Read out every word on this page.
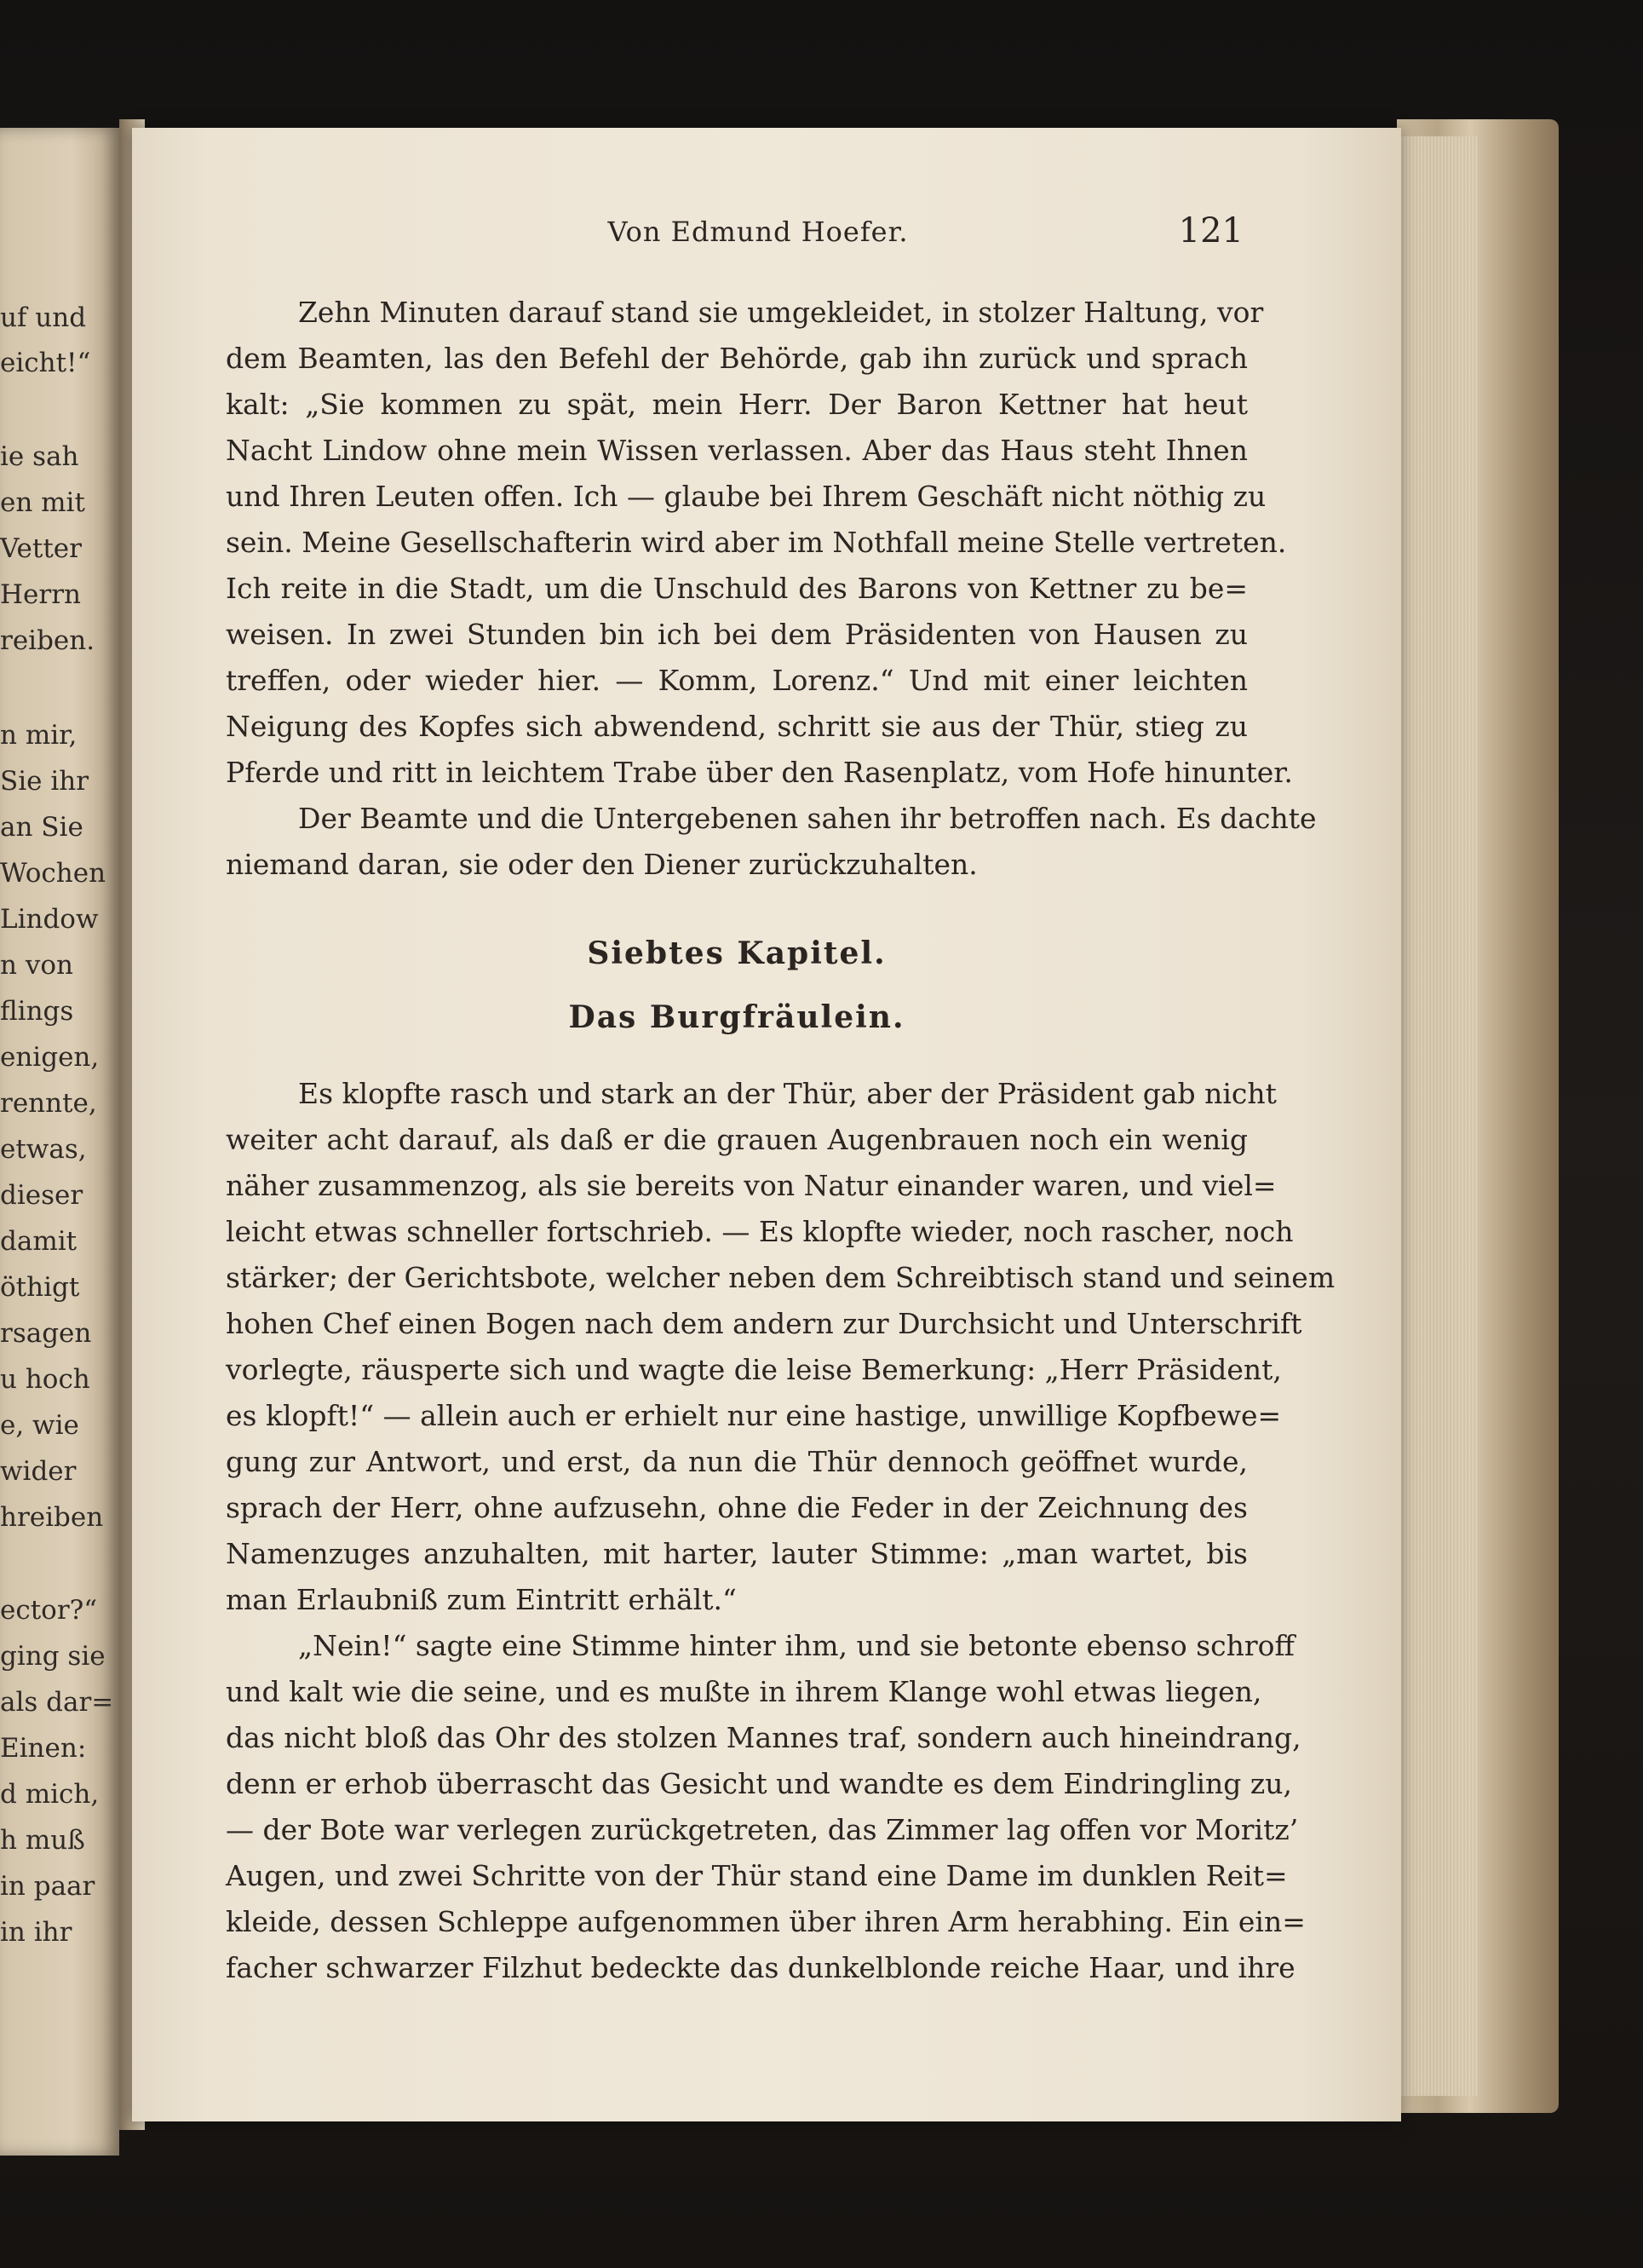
uf und
eicht!“
ie sah
en mit
Vetter
Herrn
reiben.
n mir,
Sie ihr
an Sie
Wochen
Lindow
n von
flings
enigen,
rennte,
etwas,
dieser
damit
öthigt
rsagen
u hoch
e, wie
wider
hreiben
ector?“
ging sie
als dar=
Einen:
d mich,
h muß
in paar
in ihr
Von Edmund Hoefer.	121
Zehn Minuten darauf stand sie umgekleidet, in stolzer Haltung, vor
dem Beamten, las den Befehl der Behörde, gab ihn zurück und sprach
kalt: „Sie kommen zu spät, mein Herr. Der Baron Kettner hat heut
Nacht Lindow ohne mein Wissen verlassen. Aber das Haus steht Ihnen
und Ihren Leuten offen. Ich — glaube bei Ihrem Geschäft nicht nöthig zu
sein. Meine Gesellschafterin wird aber im Nothfall meine Stelle vertreten.
Ich reite in die Stadt, um die Unschuld des Barons von Kettner zu be=
weisen. In zwei Stunden bin ich bei dem Präsidenten von Hausen zu
treffen, oder wieder hier. — Komm, Lorenz.“ Und mit einer leichten
Neigung des Kopfes sich abwendend, schritt sie aus der Thür, stieg zu
Pferde und ritt in leichtem Trabe über den Rasenplatz, vom Hofe hinunter.
Der Beamte und die Untergebenen sahen ihr betroffen nach. Es dachte
niemand daran, sie oder den Diener zurückzuhalten.
Siebtes Kapitel.
Das Burgfräulein.
Es klopfte rasch und stark an der Thür, aber der Präsident gab nicht
weiter acht darauf, als daß er die grauen Augenbrauen noch ein wenig
näher zusammenzog, als sie bereits von Natur einander waren, und viel=
leicht etwas schneller fortschrieb. — Es klopfte wieder, noch rascher, noch
stärker; der Gerichtsbote, welcher neben dem Schreibtisch stand und seinem
hohen Chef einen Bogen nach dem andern zur Durchsicht und Unterschrift
vorlegte, räusperte sich und wagte die leise Bemerkung: „Herr Präsident,
es klopft!“ — allein auch er erhielt nur eine hastige, unwillige Kopfbewe=
gung zur Antwort, und erst, da nun die Thür dennoch geöffnet wurde,
sprach der Herr, ohne aufzusehn, ohne die Feder in der Zeichnung des
Namenzuges anzuhalten, mit harter, lauter Stimme: „man wartet, bis
man Erlaubniß zum Eintritt erhält.“
„Nein!“ sagte eine Stimme hinter ihm, und sie betonte ebenso schroff
und kalt wie die seine, und es mußte in ihrem Klange wohl etwas liegen,
das nicht bloß das Ohr des stolzen Mannes traf, sondern auch hineindrang,
denn er erhob überrascht das Gesicht und wandte es dem Eindringling zu,
— der Bote war verlegen zurückgetreten, das Zimmer lag offen vor Moritz’
Augen, und zwei Schritte von der Thür stand eine Dame im dunklen Reit=
kleide, dessen Schleppe aufgenommen über ihren Arm herabhing. Ein ein=
facher schwarzer Filzhut bedeckte das dunkelblonde reiche Haar, und ihre
